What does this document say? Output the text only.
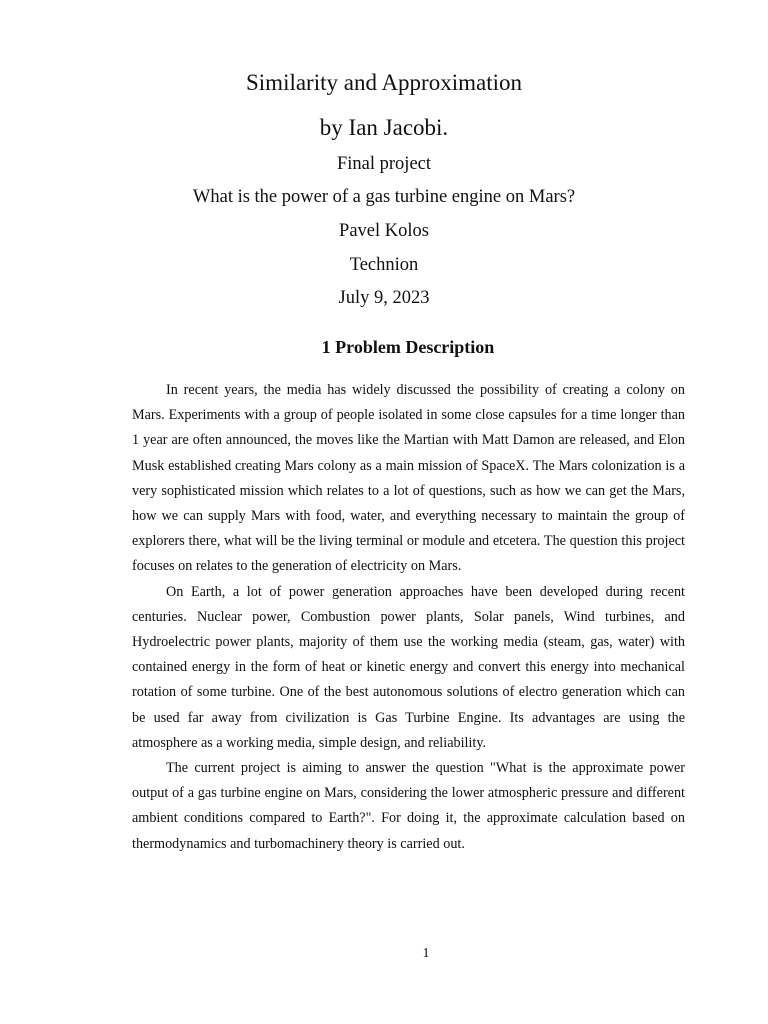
Similarity and Approximation
by Ian Jacobi.
Final project
What is the power of a gas turbine engine on Mars?
Pavel Kolos
Technion
July 9, 2023
1 Problem Description

In recent years, the media has widely discussed the possibility of creating a colony on Mars. Experiments with a group of people isolated in some close capsules for a time longer than 1 year are often announced, the moves like the Martian with Matt Damon are released, and Elon Musk established creating Mars colony as a main mission of SpaceX. The Mars colonization is a very sophisticated mission which relates to a lot of questions, such as how we can get the Mars, how we can supply Mars with food, water, and everything necessary to maintain the group of explorers there, what will be the living terminal or module and etcetera. The question this project focuses on relates to the generation of electricity on Mars.

On Earth, a lot of power generation approaches have been developed during recent centuries. Nuclear power, Combustion power plants, Solar panels, Wind turbines, and Hydroelectric power plants, majority of them use the working media (steam, gas, water) with contained energy in the form of heat or kinetic energy and convert this energy into mechanical rotation of some turbine. One of the best autonomous solutions of electro generation which can be used far away from civilization is Gas Turbine Engine. Its advantages are using the atmosphere as a working media, simple design, and reliability.

The current project is aiming to answer the question "What is the approximate power output of a gas turbine engine on Mars, considering the lower atmospheric pressure and different ambient conditions compared to Earth?". For doing it, the approximate calculation based on thermodynamics and turbomachinery theory is carried out.

1
